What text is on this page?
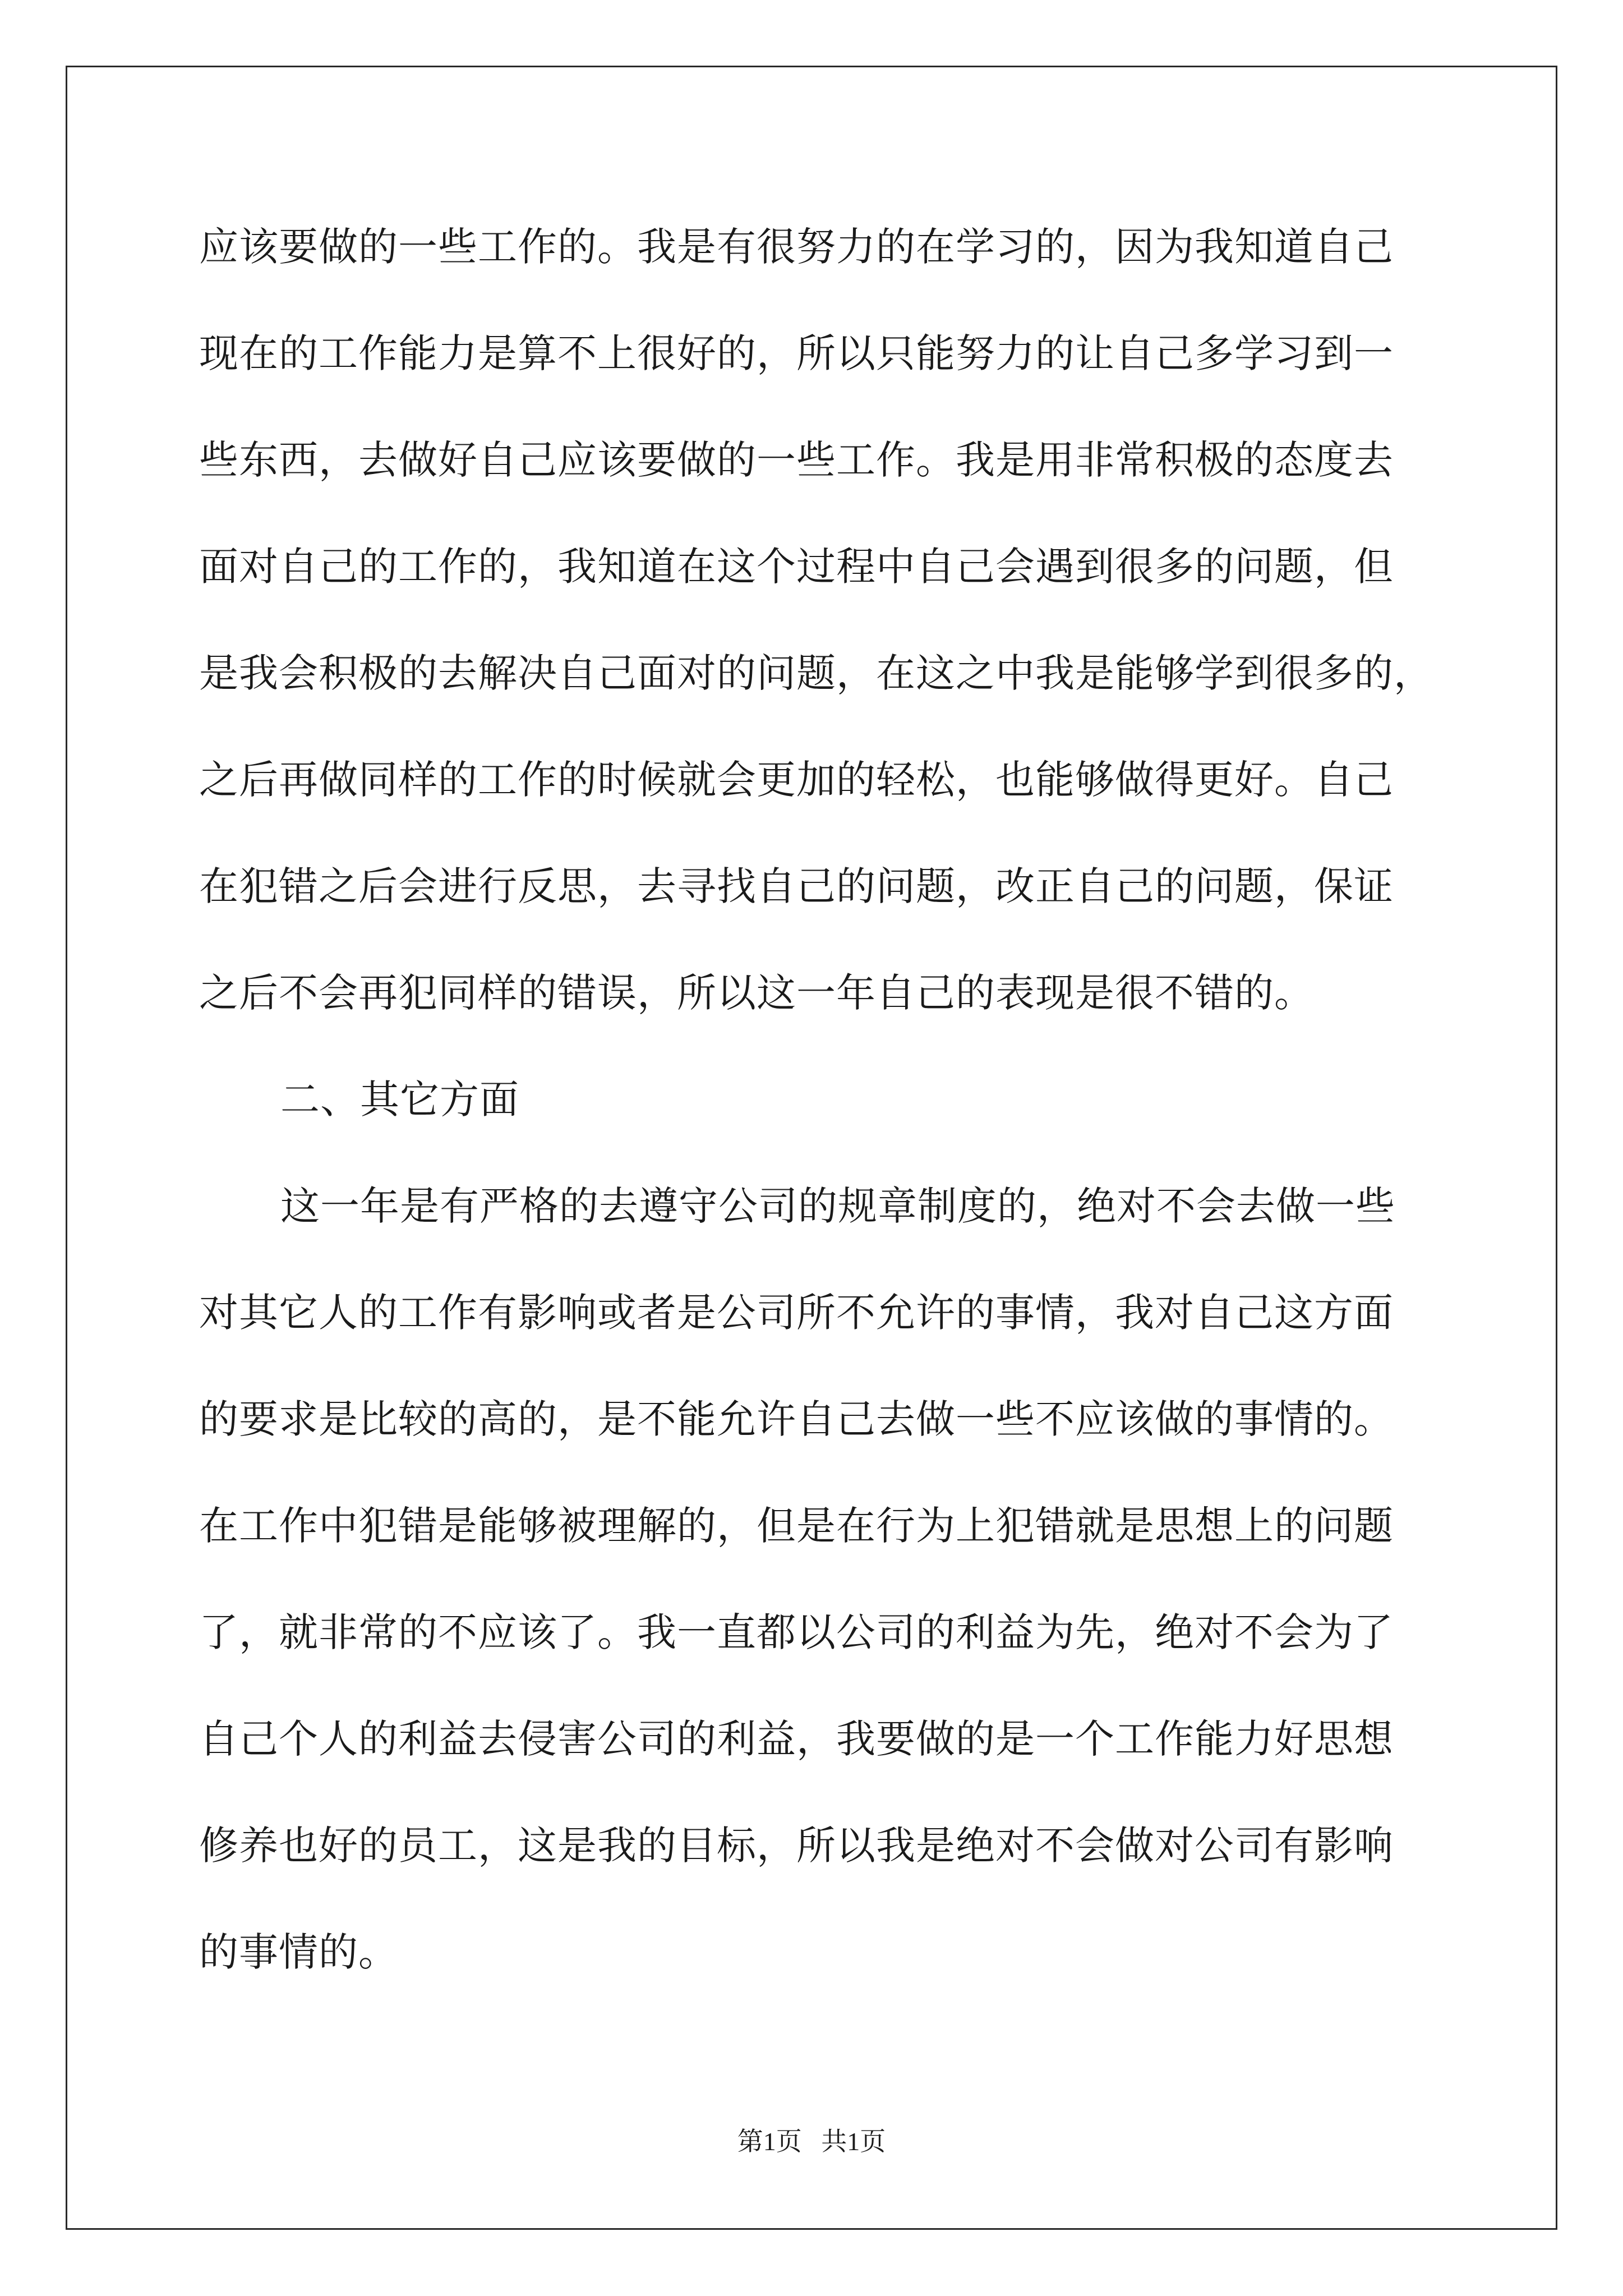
应该要做的一些工作的。我是有很努力的在学习的，因为我知道自己
现在的工作能力是算不上很好的，所以只能努力的让自己多学习到一
些东西，去做好自己应该要做的一些工作。我是用非常积极的态度去
面对自己的工作的，我知道在这个过程中自己会遇到很多的问题，但
是我会积极的去解决自己面对的问题，在这之中我是能够学到很多的，
之后再做同样的工作的时候就会更加的轻松，也能够做得更好。自己
在犯错之后会进行反思，去寻找自己的问题，改正自己的问题，保证
之后不会再犯同样的错误，所以这一年自己的表现是很不错的。
二、其它方面
这一年是有严格的去遵守公司的规章制度的，绝对不会去做一些
对其它人的工作有影响或者是公司所不允许的事情，我对自己这方面
的要求是比较的高的，是不能允许自己去做一些不应该做的事情的。
在工作中犯错是能够被理解的，但是在行为上犯错就是思想上的问题
了，就非常的不应该了。我一直都以公司的利益为先，绝对不会为了
自己个人的利益去侵害公司的利益，我要做的是一个工作能力好思想
修养也好的员工，这是我的目标，所以我是绝对不会做对公司有影响
的事情的。
第1页   共1页
